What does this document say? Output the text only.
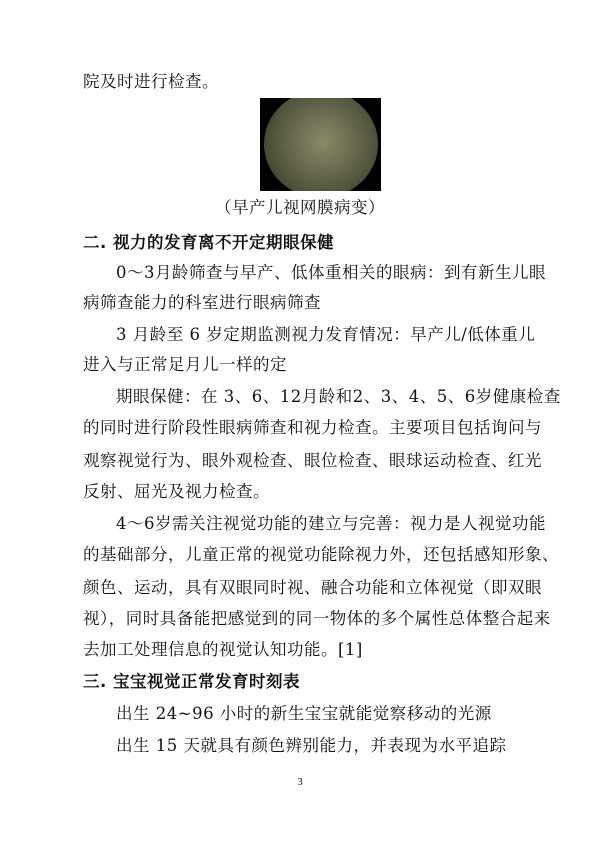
院及时进行检查。
（早产儿视网膜病变）
二. 视力的发育离不开定期眼保健
0～3月龄筛查与早产、低体重相关的眼病：到有新生儿眼
病筛查能力的科室进行眼病筛查
3 月龄至 6 岁定期监测视力发育情况：早产儿/低体重儿
进入与正常足月儿一样的定
期眼保健：在 3、6、12月龄和2、3、4、5、6岁健康检查
的同时进行阶段性眼病筛查和视力检查。主要项目包括询问与
观察视觉行为、眼外观检查、眼位检查、眼球运动检查、红光
反射、屈光及视力检查。
4～6岁需关注视觉功能的建立与完善：视力是人视觉功能
的基础部分，儿童正常的视觉功能除视力外，还包括感知形象、
颜色、运动，具有双眼同时视、融合功能和立体视觉（即双眼
视），同时具备能把感觉到的同一物体的多个属性总体整合起来
去加工处理信息的视觉认知功能。[1]
三. 宝宝视觉正常发育时刻表
出生 24~96 小时的新生宝宝就能觉察移动的光源
出生 15 天就具有颜色辨别能力，并表现为水平追踪
3
